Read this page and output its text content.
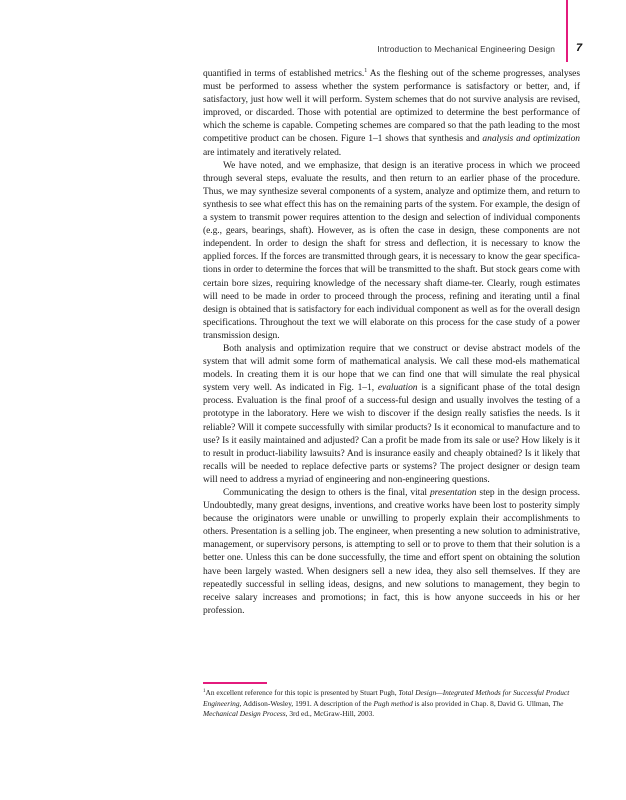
Introduction to Mechanical Engineering Design 7

quantified in terms of established metrics.$^1$ As the fleshing out of the scheme progresses, analyses must be performed to assess whether the system performance is satisfactory or better, and, if satisfactory, just how well it will perform. System schemes that do not survive analysis are revised, improved, or discarded. Those with potential are optimized to determine the best performance of which the scheme is capable. Competing schemes are compared so that the path leading to the most competitive product can be chosen. Figure 1–1 shows that synthesis and analysis and optimization are intimately and iteratively related.

We have noted, and we emphasize, that design is an iterative process in which we proceed through several steps, evaluate the results, and then return to an earlier phase of the procedure. Thus, we may synthesize several components of a system, analyze and optimize them, and return to synthesis to see what effect this has on the remaining parts of the system. For example, the design of a system to transmit power requires attention to the design and selection of individual components (e.g., gears, bearings, shaft). However, as is often the case in design, these components are not independent. In order to design the shaft for stress and deflection, it is necessary to know the applied forces. If the forces are transmitted through gears, it is necessary to know the gear specifica-tions in order to determine the forces that will be transmitted to the shaft. But stock gears come with certain bore sizes, requiring knowledge of the necessary shaft diame-ter. Clearly, rough estimates will need to be made in order to proceed through the process, refining and iterating until a final design is obtained that is satisfactory for each individual component as well as for the overall design specifications. Throughout the text we will elaborate on this process for the case study of a power transmission design.

Both analysis and optimization require that we construct or devise abstract models of the system that will admit some form of mathematical analysis. We call these mod-els mathematical models. In creating them it is our hope that we can find one that will simulate the real physical system very well. As indicated in Fig. 1–1, evaluation is a significant phase of the total design process. Evaluation is the final proof of a success-ful design and usually involves the testing of a prototype in the laboratory. Here we wish to discover if the design really satisfies the needs. Is it reliable? Will it compete successfully with similar products? Is it economical to manufacture and to use? Is it easily maintained and adjusted? Can a profit be made from its sale or use? How likely is it to result in product-liability lawsuits? And is insurance easily and cheaply obtained? Is it likely that recalls will be needed to replace defective parts or systems? The project designer or design team will need to address a myriad of engineering and non-engineering questions.

Communicating the design to others is the final, vital presentation step in the design process. Undoubtedly, many great designs, inventions, and creative works have been lost to posterity simply because the originators were unable or unwilling to properly explain their accomplishments to others. Presentation is a selling job. The engineer, when presenting a new solution to administrative, management, or supervisory persons, is attempting to sell or to prove to them that their solution is a better one. Unless this can be done successfully, the time and effort spent on obtaining the solution have been largely wasted. When designers sell a new idea, they also sell themselves. If they are repeatedly successful in selling ideas, designs, and new solutions to management, they begin to receive salary increases and promotions; in fact, this is how anyone succeeds in his or her profession.

$^1$An excellent reference for this topic is presented by Stuart Pugh, Total Design—Integrated Methods for Successful Product Engineering, Addison-Wesley, 1991. A description of the Pugh method is also provided in Chap. 8, David G. Ullman, The Mechanical Design Process, 3rd ed., McGraw-Hill, 2003.
